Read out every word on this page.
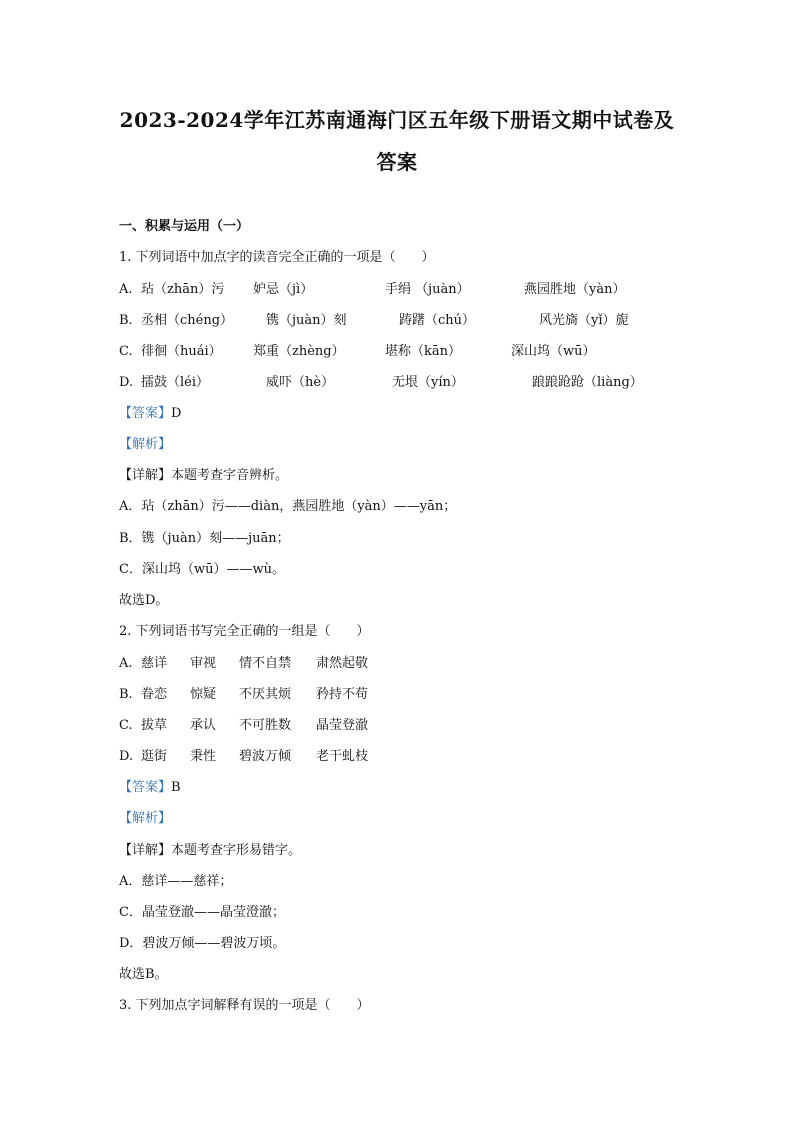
2023-2024学年江苏南通海门区五年级下册语文期中试卷及
答案
一、积累与运用（一）
1. 下列词语中加点字的读音完全正确的一项是（　　）
A. 玷（zhān）污 妒忌（jì）	手绢 （juàn）	燕园胜地（yàn）
B. 丞相（chéng）	镌（juàn）刻	踌躇（chú）	风光旖（yǐ）旎
C. 徘徊（huái） 郑重（zhèng）	堪称（kān）	深山坞（wū）
D. 擂鼓（léi）	威吓（hè）	无垠（yín）	踉踉跄跄（liàng）
【答案】D
【解析】
【详解】本题考查字音辨析。
A．玷（zhān）污——diàn，燕园胜地（yàn）——yān；
B．镌（juàn）刻——juān；
C．深山坞（wū）——wù。
故选D。
2. 下列词语书写完全正确的一组是（　　）
A. 慈详 审视 情不自禁 肃然起敬
B. 眷恋 惊疑 不厌其烦 矜持不苟
C. 拔草 承认 不可胜数 晶莹登澈
D. 逛街 秉性 碧波万倾 老干虬枝
【答案】B
【解析】
【详解】本题考查字形易错字。
A．慈详——慈祥；
C．晶莹登澈——晶莹澄澈；
D．碧波万倾——碧波万顷。
故选B。
3. 下列加点字词解释有误的一项是（　　）
